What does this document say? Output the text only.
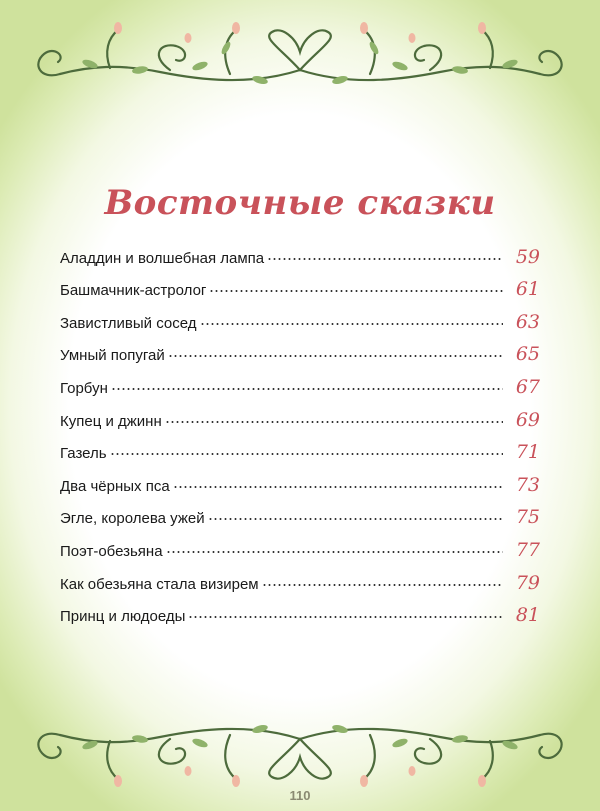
Восточные сказки
Аладдин и волшебная лампа	59
Башмачник-астролог	61
Завистливый сосед	63
Умный попугай	65
Горбун	67
Купец и джинн	69
Газель	71
Два чёрных пса	73
Эгле, королева ужей	75
Поэт-обезьяна	77
Как обезьяна стала визирем	79
Принц и людоеды	81
110
